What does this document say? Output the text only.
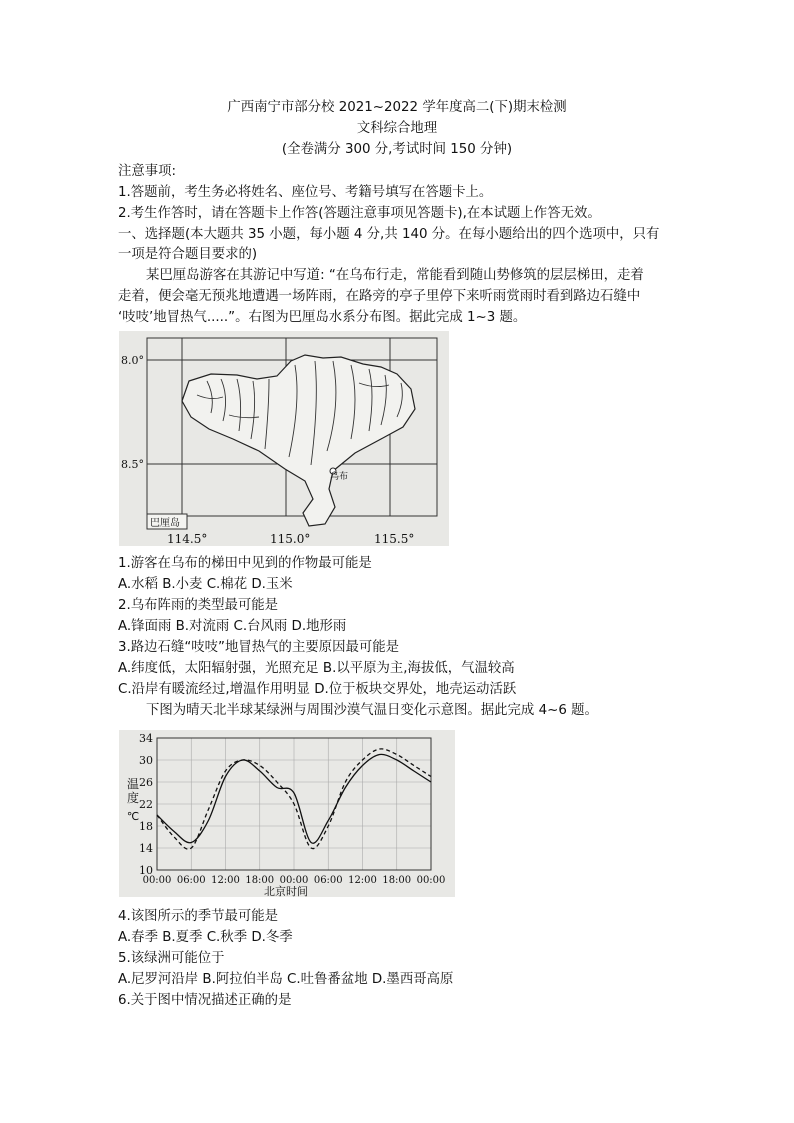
广西南宁市部分校 2021~2022 学年度高二(下)期末检测
文科综合地理
(全卷满分 300 分,考试时间 150 分钟)
注意事项:
1.答题前，考生务必将姓名、座位号、考籍号填写在答题卡上。
2.考生作答时，请在答题卡上作答(答题注意事项见答题卡),在本试题上作答无效。
一、选择题(本大题共 35 小题，每小题 4 分,共 140 分。在每小题给出的四个选项中，只有
一项是符合题目要求的)
某巴厘岛游客在其游记中写道: “在乌布行走，常能看到随山势修筑的层层梯田，走着
走着，便会毫无预兆地遭遇一场阵雨，在路旁的亭子里停下来听雨赏雨时看到路边石缝中
‘吱吱’地冒热气.....”。右图为巴厘岛水系分布图。据此完成 1~3 题。
乌布
8.0°
8.5°
巴厘岛
114.5°	115.0°	115.5°
1.游客在乌布的梯田中见到的作物最可能是
A.水稻 B.小麦 C.棉花 D.玉米
2.乌布阵雨的类型最可能是
A.锋面雨 B.对流雨 C.台风雨 D.地形雨
3.路边石缝“吱吱”地冒热气的主要原因最可能是
A.纬度低，太阳辐射强，光照充足 B.以平原为主,海拔低，气温较高
C.沿岸有暖流经过,增温作用明显 D.位于板块交界处，地壳运动活跃
下图为晴天北半球某绿洲与周围沙漠气温日变化示意图。据此完成 4~6 题。
34
30
26
22
18
14
10
00:00 06:00 12:00 18:00 00:00 06:00 12:00 18:00 00:00
温
度
℃
北京时间
4.该图所示的季节最可能是
A.春季 B.夏季 C.秋季 D.冬季
5.该绿洲可能位于
A.尼罗河沿岸 B.阿拉伯半岛 C.吐鲁番盆地 D.墨西哥高原
6.关于图中情况描述正确的是
